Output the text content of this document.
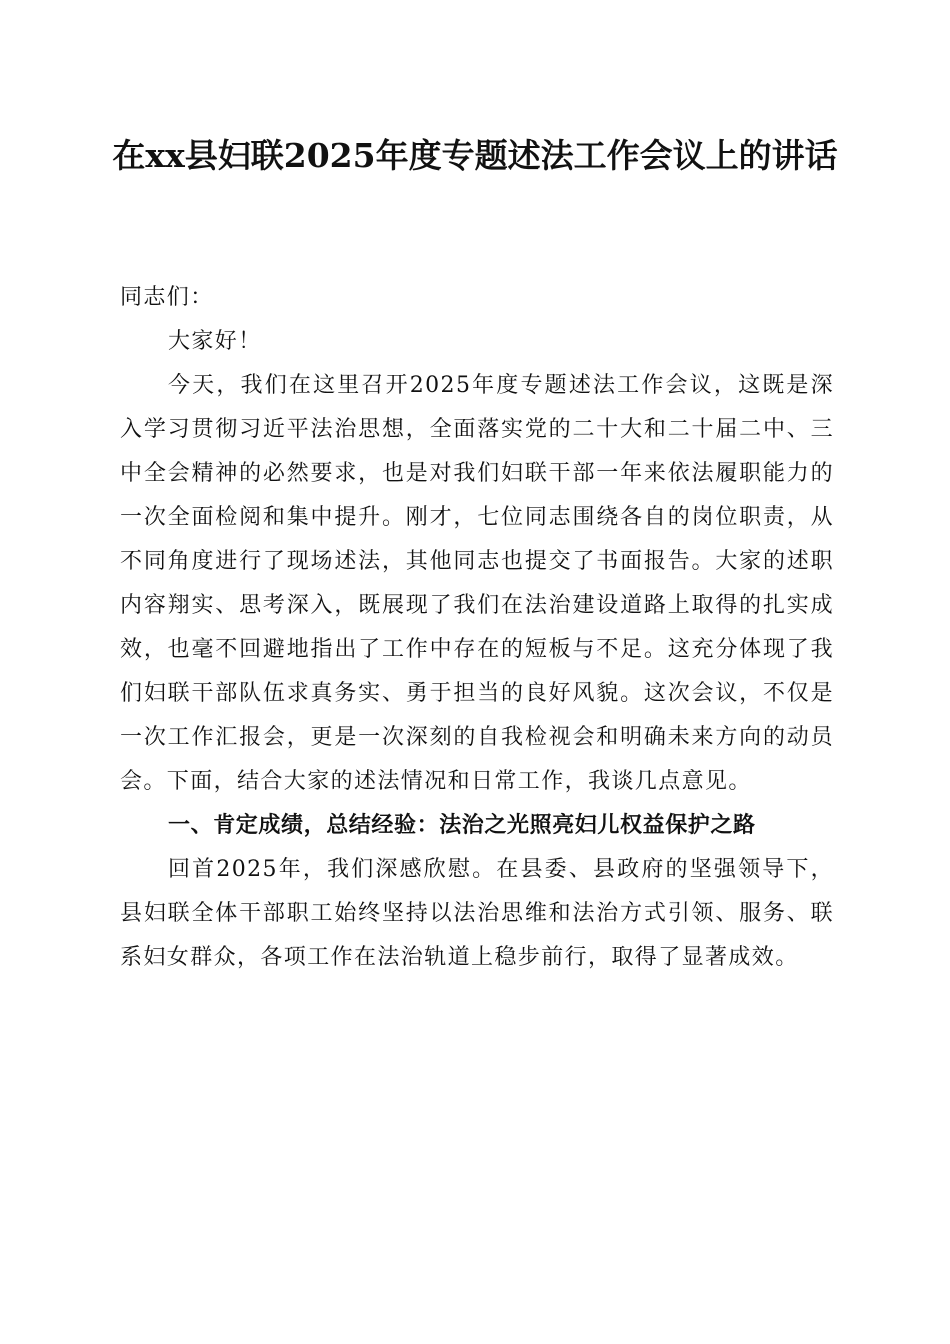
在xx县妇联2025年度专题述法工作会议上的讲话

同志们：

大家好！

今天，我们在这里召开2025年度专题述法工作会议，这既是深入学习贯彻习近平法治思想，全面落实党的二十大和二十届二中、三中全会精神的必然要求，也是对我们妇联干部一年来依法履职能力的一次全面检阅和集中提升。刚才，七位同志围绕各自的岗位职责，从不同角度进行了现场述法，其他同志也提交了书面报告。大家的述职内容翔实、思考深入，既展现了我们在法治建设道路上取得的扎实成效，也毫不回避地指出了工作中存在的短板与不足。这充分体现了我们妇联干部队伍求真务实、勇于担当的良好风貌。这次会议，不仅是一次工作汇报会，更是一次深刻的自我检视会和明确未来方向的动员会。下面，结合大家的述法情况和日常工作，我谈几点意见。

一、肯定成绩，总结经验：法治之光照亮妇儿权益保护之路

回首2025年，我们深感欣慰。在县委、县政府的坚强领导下，县妇联全体干部职工始终坚持以法治思维和法治方式引领、服务、联系妇女群众，各项工作在法治轨道上稳步前行，取得了显著成效。
